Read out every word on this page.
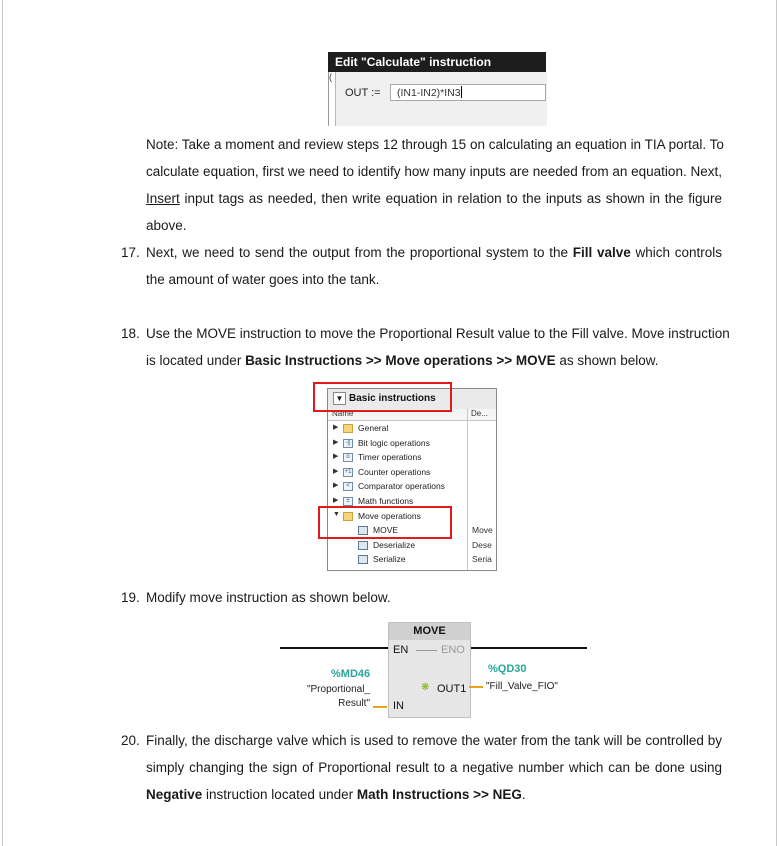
Edit "Calculate" instruction
(
OUT :=	(IN1-IN2)*IN3
Note: Take a moment and review steps 12 through 15 on calculating an equation in TIA portal. To
calculate equation, first we need to identify how many inputs are needed from an equation. Next,
Insert input tags as needed, then write equation in relation to the inputs as shown in the figure
above.
17. Next, we need to send the output from the proportional system to the Fill valve which controls
the amount of water goes into the tank.
18. Use the MOVE instruction to move the Proportional Result value to the Fill valve. Move instruction
is located under Basic Instructions >> Move operations >> MOVE as shown below.
▼ Basic instructions
Name	De...
▶ General
▶	-|| Bit logic operations
▶	o Timer operations
▶ +1 Counter operations
▶	< Comparator operations
▶	± Math functions
▼ Move operations
MOVE	Move
Deserialize	Dese
Serialize	Seria
19. Modify move instruction as shown below.
MOVE
EN	ENO
❋ OUT1
IN
%MD46
"Proportional_
Result"
%QD30
"Fill_Valve_FIO"
20. Finally, the discharge valve which is used to remove the water from the tank will be controlled by
simply changing the sign of Proportional result to a negative number which can be done using
Negative instruction located under Math Instructions >> NEG.
